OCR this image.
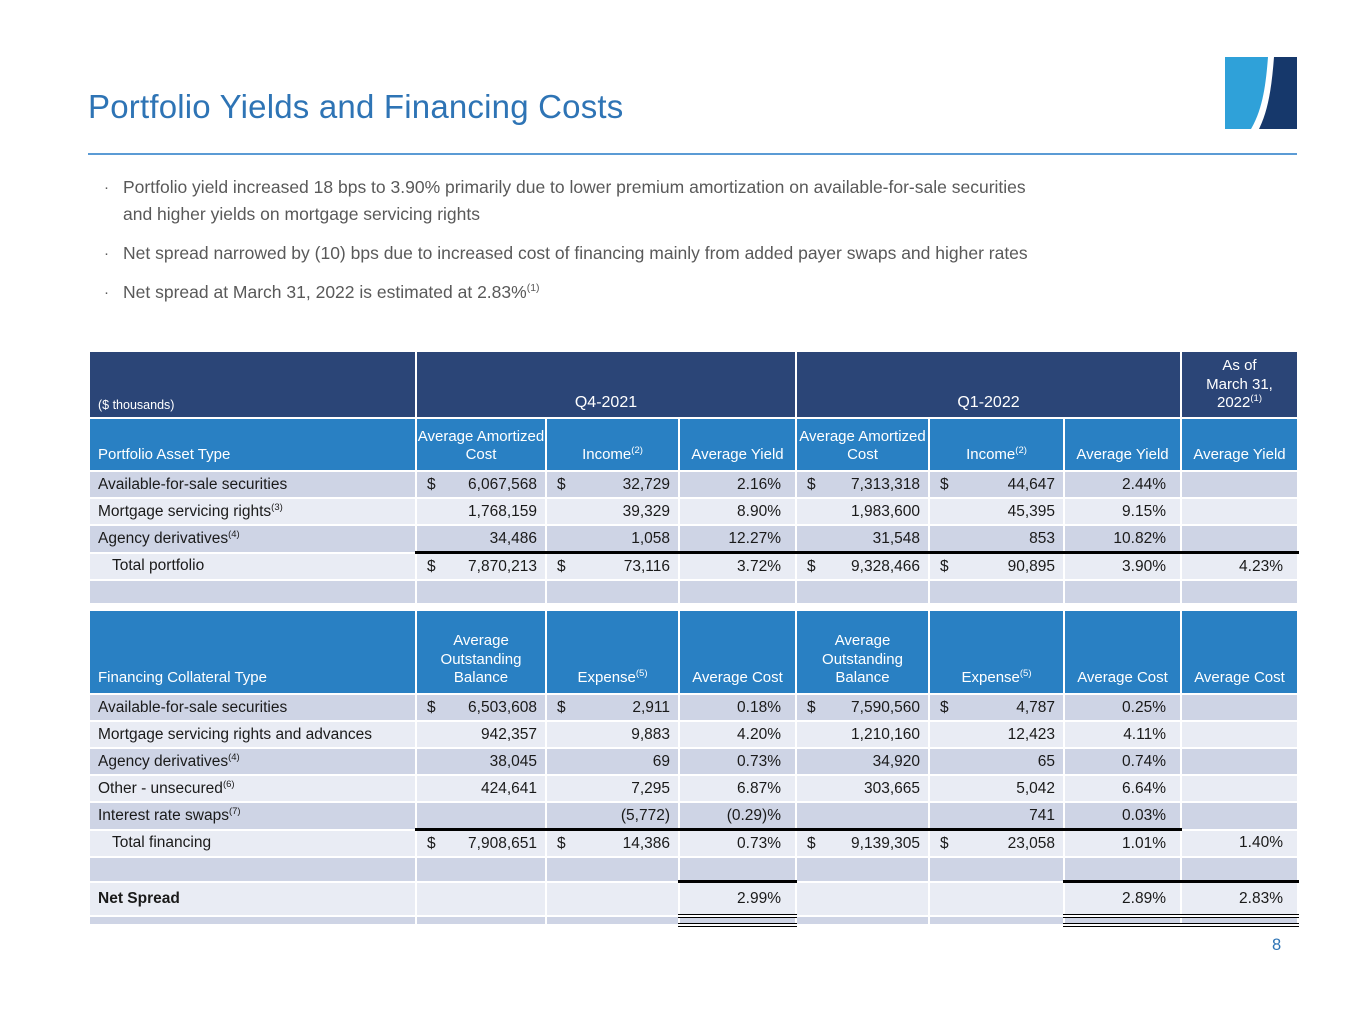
Portfolio Yields and Financing Costs
· Portfolio yield increased 18 bps to 3.90% primarily due to lower premium amortization on available-for-sale securities
and higher yields on mortgage servicing rights
· Net spread narrowed by (10) bps due to increased cost of financing mainly from added payer swaps and higher rates
· Net spread at March 31, 2022 is estimated at 2.83%$^{(1)}$
($ thousands)	Q4-2021			Q1-2022			As of
March 31,
2022$^{(1)}$
Portfolio Asset Type	Average Amortized Cost	Income$^{(2)}$	Average Yield	Average Amortized Cost	Income$^{(2)}$	Average Yield	Average Yield
Available-for-sale securities	$ 6,067,568	$ 32,729	2.16%	$ 7,313,318	$ 44,647	2.44%	
Mortgage servicing rights$^{(3)}$	1,768,159	39,329	8.90%	1,983,600	45,395	9.15%	
Agency derivatives$^{(4)}$	34,486	1,058	12.27%	31,548	853	10.82%	
Total portfolio	$ 7,870,213	$ 73,116	3.72%	$ 9,328,466	$ 90,895	3.90%	4.23%

Financing Collateral Type	Average Outstanding Balance	Expense$^{(5)}$	Average Cost	Average Outstanding Balance	Expense$^{(5)}$	Average Cost	Average Cost
Available-for-sale securities	$ 6,503,608	$ 2,911	0.18%	$ 7,590,560	$ 4,787	0.25%	
Mortgage servicing rights and advances	942,357	9,883	4.20%	1,210,160	12,423	4.11%	
Agency derivatives$^{(4)}$	38,045	69	0.73%	34,920	65	0.74%	
Other - unsecured$^{(6)}$	424,641	7,295	6.87%	303,665	5,042	6.64%	
Interest rate swaps$^{(7)}$		(5,772)	(0.29)%		741	0.03%	
Total financing	$ 7,908,651	$ 14,386	0.73%	$ 9,139,305	$ 23,058	1.01%	1.40%

Net Spread			2.99%			2.89%	2.83%

8
